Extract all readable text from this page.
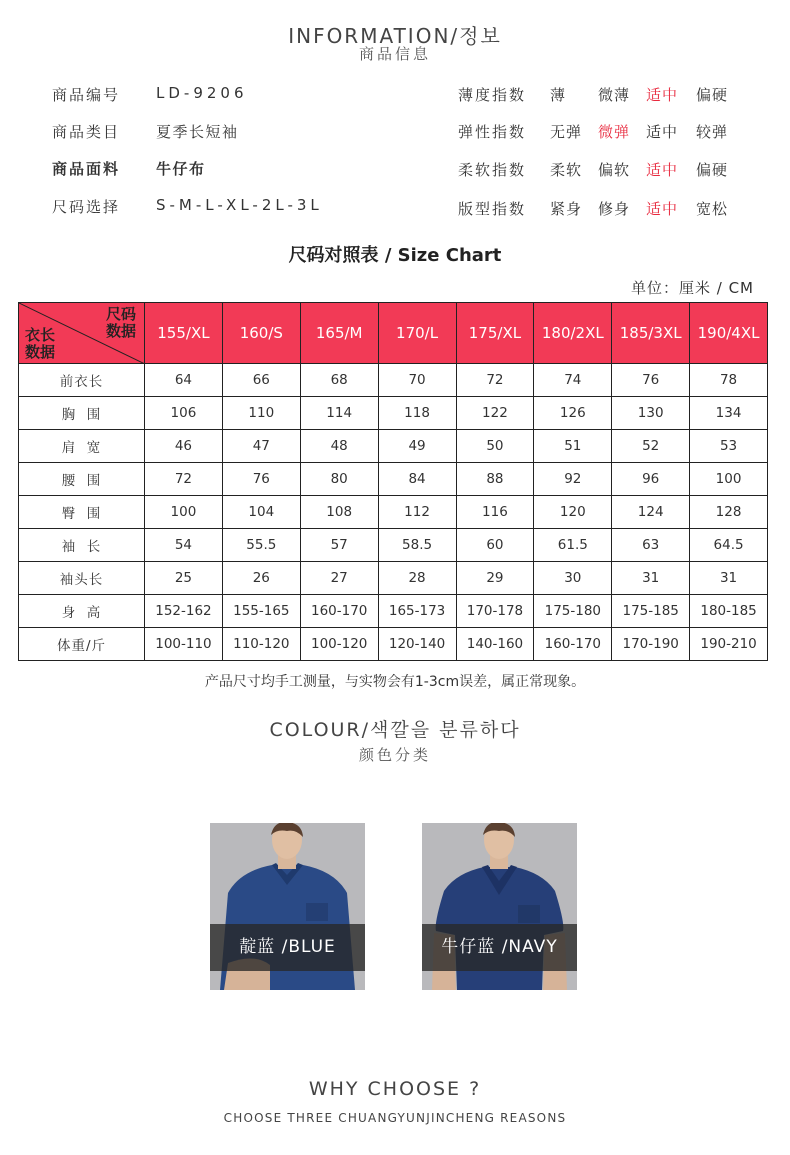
INFORMATION/정보
商品信息
商品编号 LD-9206
商品类目 夏季长短袖
商品面料 牛仔布
尺码选择 S-M-L-XL-2L-3L
薄度指数 薄 微薄 适中 偏硬
弹性指数 无弹 微弹 适中 较弹
柔软指数 柔软 偏软 适中 偏硬
版型指数 紧身 修身 适中 宽松
尺码对照表 / Size Chart
单位：厘米 / CM
尺码
数据
衣长
数据	155/XL	160/S	165/M	170/L	175/XL	180/2XL	185/3XL	190/4XL
前衣长	64	66	68	70	72	74	76	78
胸  围	106	110	114	118	122	126	130	134
肩  宽	46	47	48	49	50	51	52	53
腰  围	72	76	80	84	88	92	96	100
臀  围	100	104	108	112	116	120	124	128
袖  长	54	55.5	57	58.5	60	61.5	63	64.5
袖头长	25	26	27	28	29	30	31	31
身  高	152-162	155-165	160-170	165-173	170-178	175-180	175-185	180-185
体重/斤	100-110	110-120	100-120	120-140	140-160	160-170	170-190	190-210
产品尺寸均手工测量，与实物会有1-3cm误差，属正常现象。
COLOUR/색깔을 분류하다
颜色分类
靛蓝 /BLUE	牛仔蓝 /NAVY
WHY CHOOSE ?
CHOOSE THREE CHUANGYUNJINCHENG REASONS
